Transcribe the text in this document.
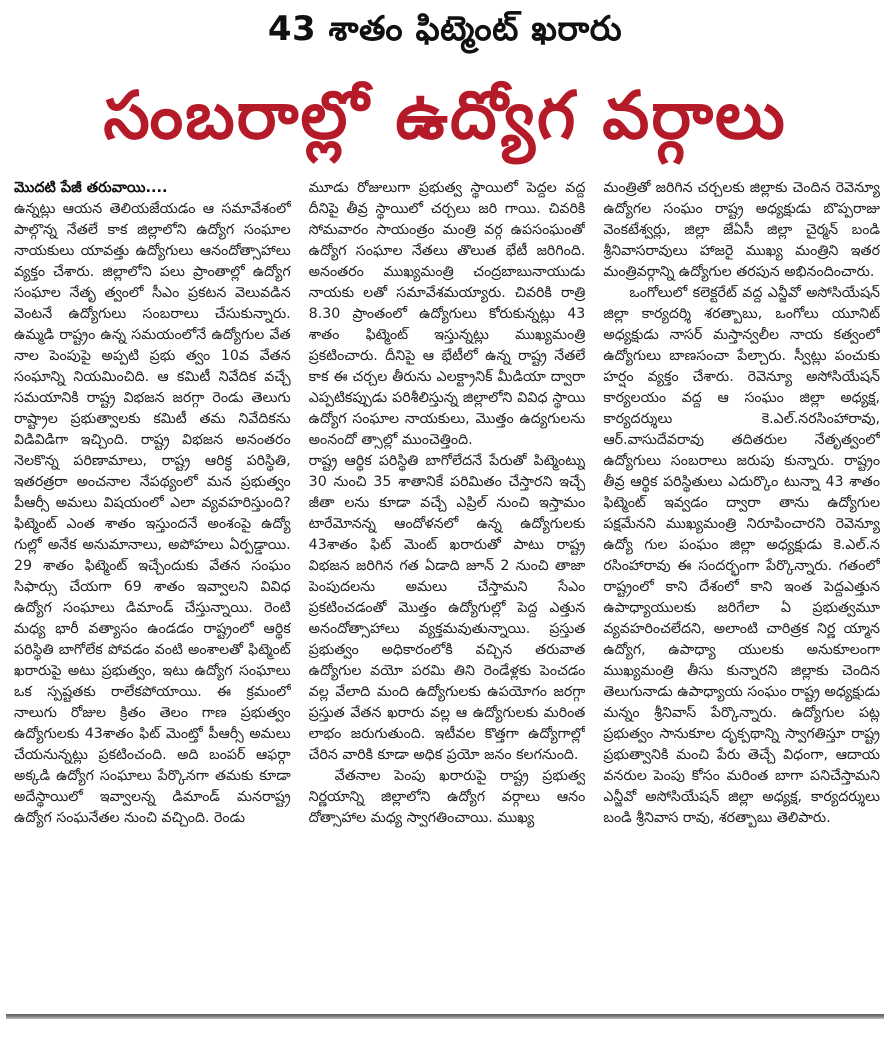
43 శాతం ఫిట్మెంట్ ఖరారు
సంబరాల్లో ఉద్యోగ వర్గాలు
మొదటి పేజీ తరువాయి....

ఉన్నట్లు ఆయన తెలియజేయడం ఆ సమావేశంలో పాల్గొన్న నేతలే కాక జిల్లాలోని ఉద్యోగ సంఘాల నాయకులు యావత్తు ఉద్యోగులు ఆనందోత్సాహాలు వ్యక్తం చేశారు. జిల్లాలోని పలు ప్రాంతాల్లో ఉద్యోగ సంఘాల నేతృ త్వంలో సీఎం ప్రకటన వెలువడిన వెంటనే ఉద్యోగులు సంబరాలు చేసుకున్నారు. ఉమ్మడి రాష్ట్రం ఉన్న సమయంలోనే ఉద్యోగుల వేత నాల పెంపుపై అప్పటి ప్రభు త్వం 10వ వేతన సంఘాన్ని నియమించిది. ఆ కమిటీ నివేదిక వచ్చే సమయానికి రాష్ట్ర విభజన జరగ్గా రెండు తెలుగు రాష్ట్రాల ప్రభుత్వాలకు కమిటీ తమ నివేదికను విడివిడిగా ఇచ్చింది. రాష్ట్ర విభజన అనంతరం నెలకొన్న పరిణామాలు, రాష్ట్ర ఆరిక్ధ పరిస్థితి, ఇతరత్రరా అంచనాల నేపథ్యంలో మన ప్రభుత్వం పీఆర్సీ అమలు విషయంలో ఎలా వ్యవహరిస్తుంది? ఫిట్మెంట్ ఎంత శాతం ఇస్తుందనే అంశంపై ఉద్యో గుల్లో అనేక అనుమానాలు, అపోహలు ఏర్పడ్డాయి. 29 శాతం ఫిట్మెంట్ ఇచ్చేందుకు వేతన సంఘం సిఫార్సు చేయగా 69 శాతం ఇవ్వాలని వివిధ ఉద్యోగ సంఘాలు డిమాండ్ చేస్తున్నాయి. రెంటి మధ్య భారీ వత్యాసం ఉండడం రాష్ట్రంలో ఆర్థిక పరిస్థితి బాగోలేక పోవడం వంటి అంశాలతో ఫిట్మెంట్ ఖరారుపై అటు ప్రభుత్వం, ఇటు ఉద్యోగ సంఘాలు ఒక స్పష్టతకు రాలేకపోయాయి. ఈ క్రమంలో నాలుగు రోజుల క్రితం తెలం గాణ ప్రభుత్వం ఉద్యోగులకు 43శాతం ఫిట్ మెంట్తో పీఆర్సీ అమలు చేయనున్నట్లు ప్రకటించంది. అది బంపర్ ఆఫర్గా అక్కడి ఉద్యోగ సంఘాలు పేర్కొనగా తమకు కూడా అదేస్థాయిలో ఇవ్వాలన్న డిమాండ్ మనరాష్ట్ర ఉద్యోగ సంఘనేతల నుంచి వచ్చింది. రెండు

మూడు రోజులుగా ప్రభుత్వ స్థాయిలో పెద్దల వద్ద దీనిపై తీవ్ర స్థాయిలో చర్చలు జరి గాయి. చివరికి సోమవారం సాయంత్రం మంత్రి వర్గ ఉపసంఘంతో ఉద్యోగ సంఘాల నేతలు తొలుత భేటీ జరిగింది. అనంతరం ముఖ్యమంత్రి చంద్రబాబునాయుడు నాయకు లతో సమావేశమయ్యారు. చివరికి రాత్రి 8.30 ప్రాంతంలో ఉద్యోగులు కోరుకున్నట్లు 43 శాతం ఫిట్మెంట్ ఇస్తున్నట్లు ముఖ్యమంత్రి ప్రకటించారు. దీనిపై ఆ భేటీలో ఉన్న రాష్ట్ర నేతలే కాక ఈ చర్చల తీరును ఎలక్ట్రానిక్ మీడియా ద్వారా ఎప్పటికప్పుడు పరిశీలిస్తున్న జిల్లాలోని వివిధ స్థాయి ఉద్యోగ సంఘాల నాయకులు, మొత్తం ఉద్యగులను అంనందో త్సాల్లో ముంచెత్తింది.

రాష్ట్ర ఆర్థిక పరిస్థితి బాగోలేదనే పేరుతో పిట్మెంట్ను 30 నుంచి 35 శాతానికే పరిమితం చేస్తారని ఇచ్చే జీతా లను కూడా వచ్చే ఎప్రిల్ నుంచి ఇస్తామం టారేమోనన్న ఆందోళనలో ఉన్న ఉద్యోగులకు 43శాతం ఫిట్ మెంట్ ఖరారుతో పాటు రాష్ట్ర విభజన జరిగిన గత ఏడాది జూన్ 2 నుంచి తాజా పెంపుదలను అమలు చేస్తామని సేఎం ప్రకటించడంతో మొత్తం ఉద్యోగుల్లో పెద్ద ఎత్తున అనందోత్సాహాలు వ్యక్తమవుతున్నాయి. ప్రస్తుత ప్రభుత్వం అధికారంలోకి వచ్చిన తరువాత ఉద్యోగుల వయో పరమి తిని రెండేళ్లకు పెంచడం వల్ల వేలాది మంది ఉద్యోగులకు ఉపయోగం జరగ్గా ప్రస్తుత వేతన ఖరారు వల్ల ఆ ఉద్యోగులకు మరింత లాభం జరుగుతుంది. ఇటీవల కొత్తగా ఉద్యోగాల్లో చేరిన వారికి కూడా అధిక ప్రయో జనం కలగనుంది.

వేతనాల పెంపు ఖరారుపై రాష్ట్ర ప్రభుత్వ నిర్ణయాన్ని జిల్లాలోని ఉద్యోగ వర్గాలు ఆనం దోత్సాహాల మధ్య స్వాగతించాయి. ముఖ్య

మంత్రితో జరిగిన చర్చలకు జిల్లాకు చెందిన రెవెన్యూ ఉద్యోగల సంఘం రాష్ట్ర అధ్యక్షుడు బొప్పరాజు వెంకటేశ్వర్లు, జిల్లా జేఏసీ జిల్లా చైర్మన్ బండి శ్రీనివాసరావులు హాజరై ముఖ్య మంత్రిని ఇతర మంత్రివర్గాన్ని ఉద్యోగుల తరపున అభినందించారు.

ఒంగోలులో కలెక్టరేట్ వద్ద ఎన్జీవో అసోసియేషన్ జిల్లా కార్యదర్శి శరత్బాబు, ఒంగోలు యూనిట్ అధ్యక్షుడు నాసర్ మస్తాన్వలీల నాయ కత్వంలో ఉద్యోగులు బాణసంచా పేల్చారు. స్వీట్లు పంచుకు హర్షం వ్యక్తం చేశారు. రెవెన్యూ అసోసియేషన్ కార్యలయం వద్ద ఆ సంఘం జిల్లా అధ్యక్ష, కార్యదర్శులు కె.ఎల్.నరసింహారావు, ఆర్.వాసుదేవరావు తదితరుల నేతృత్వంలో ఉద్యోగులు సంబరాలు జరుపు కున్నారు. రాష్ట్రం తీవ్ర ఆర్థిక పరిస్థితులు ఎదుర్కొం టున్నా 43 శాతం ఫిట్మెంట్ ఇవ్వడం ద్వారా తాను ఉద్యోగుల పక్షమేనని ముఖ్యమంత్రి నిరూపించారని రెవెన్యూ ఉద్యో గుల పంఘం జిల్లా అధ్యక్షుడు కె.ఎల్.న రసింహారావు ఈ సందర్భంగా పేర్కొన్నారు. గతంలో రాష్ట్రంలో కాని దేశంలో కాని ఇంత పెద్దఎత్తున ఉపాధ్యాయులకు జరిగేలా ఏ ప్రభుత్వమూ వ్యవహరించలేదని, అలాంటి చారిత్రక నిర్ణ య్మాన ఉద్యోగ, ఉపాధ్యా యులకు అనుకూలంగా ముఖ్యమంత్రి తీసు కున్నారని జిల్లాకు చెందిన తెలుగునాడు ఉపాధ్యాయ సంఘం రాష్ట్ర అధ్యక్షుడు మన్నం శ్రీనివాస్ పేర్కొన్నారు. ఉద్యోగుల పట్ల ప్రభుత్వం సానుకూల దృక్పథాన్ని స్వాగతిస్తూ రాష్ట్ర ప్రభుత్వానికి మంచి పేరు తెచ్చే విధంగా, ఆదాయ వనరుల పెంపు కోసం మరింత బాగా పనిచేస్తామని ఎన్జీవో అసోసియేషన్ జిల్లా అధ్యక్ష, కార్యదర్శులు బండి శ్రీనివాస రావు, శరత్బాబు తెలిపారు.
